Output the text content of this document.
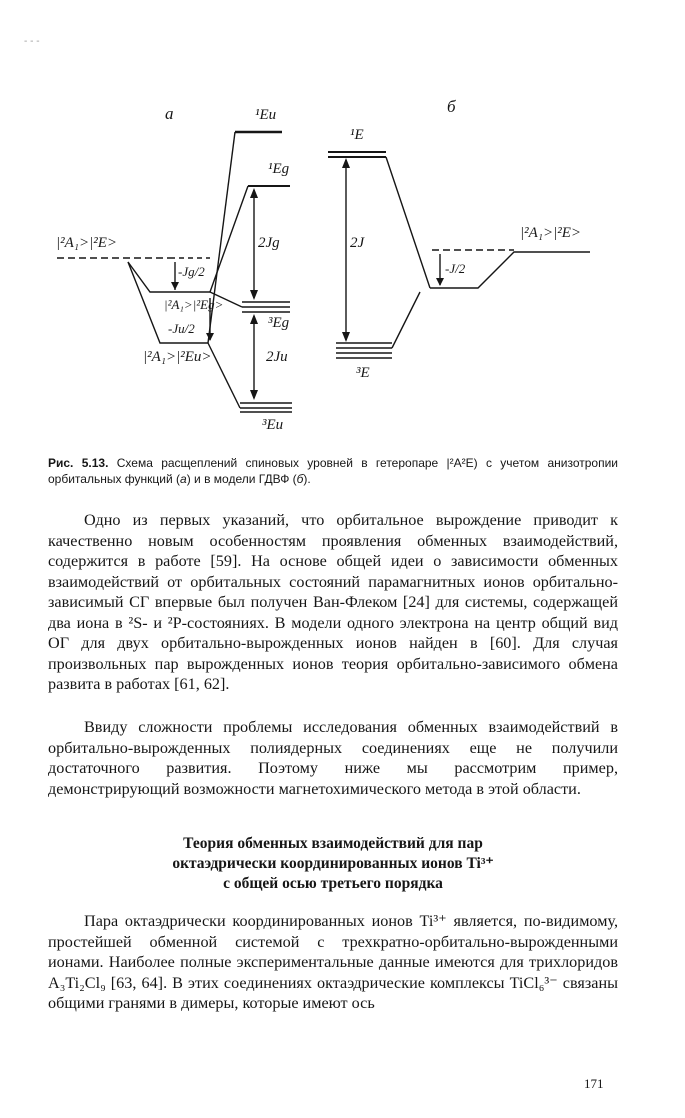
- - -
а	б
¹Eu
¹Eg
|²A₁>|²E>	2Jg
-Jg/2
|²A₁>|²Eg>
-Ju/2
|²A₁>|²Eu>
³Eg
2Ju
³Eu
¹E
2J
-J/2
|²A₁>|²E>
³E
Рис. 5.13. Схема расщеплений спиновых уровней в гетеропаре |²A²E) с учетом анизотропии орбитальных функций (a) и в модели ГДВФ (б).

Одно из первых указаний, что орбитальное вырождение приводит к качественно новым особенностям проявления обменных взаимодействий, содержится в работе [59]. На основе общей идеи о зависимости обменных взаимодействий от орбитальных состояний парамагнитных ионов орбитально-зависимый СГ впервые был получен Ван-Флеком [24] для системы, содержащей два иона в ²S- и ²P-состояниях. В модели одного электрона на центр общий вид ОГ для двух орбитально-вырожденных ионов найден в [60]. Для случая произвольных пар вырожденных ионов теория орбитально-зависимого обмена развита в работах [61, 62].

Ввиду сложности проблемы исследования обменных взаимодействий в орбитально-вырожденных полиядерных соединениях еще не получили достаточного развития. Поэтому ниже мы рассмотрим пример, демонстрирующий возможности магнетохимического метода в этой области.

Теория обменных взаимодействий для пар
октаэдрически координированных ионов Ti³⁺
с общей осью третьего порядка

Пара октаэдрически координированных ионов Ti³⁺ является, по-видимому, простейшей обменной системой с трехкратно-орбитально-вырожденными ионами. Наиболее полные экспериментальные данные имеются для трихлоридов A₃Ti₂Cl₉ [63, 64]. В этих соединениях октаэдрические комплексы TiCl₆³⁻ связаны общими гранями в димеры, которые имеют ось

171
